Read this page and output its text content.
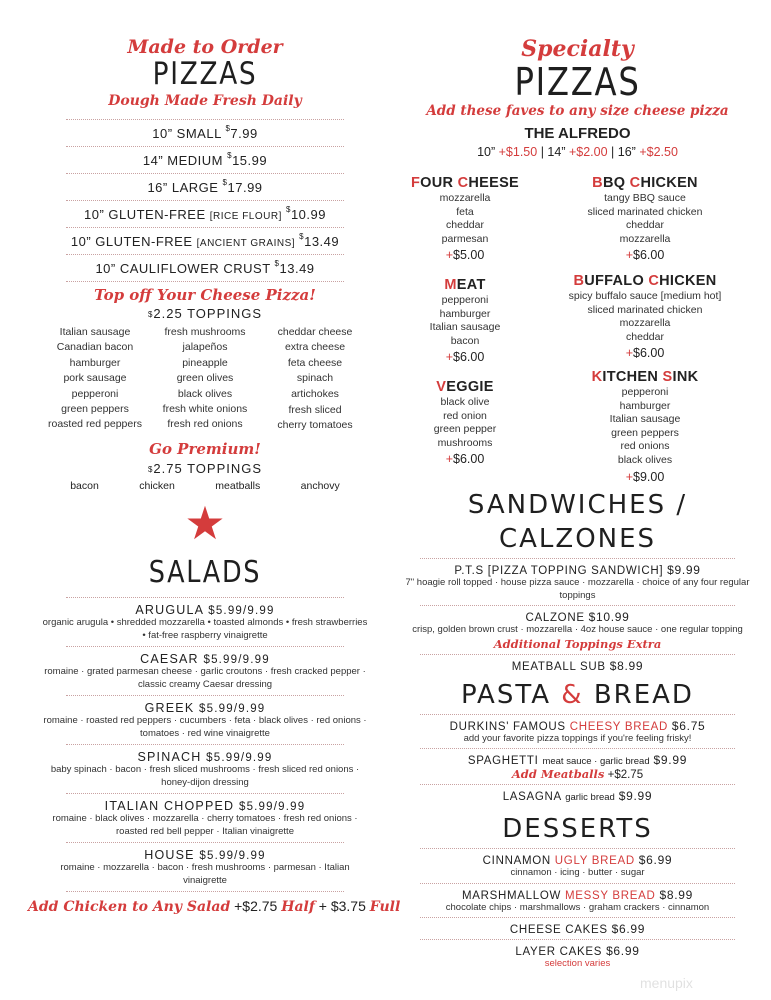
Made to Order
PIZZAS
Dough Made Fresh Daily
10” SMALL $7.99
14” MEDIUM $15.99
16” LARGE $17.99
10” GLUTEN-FREE [RICE FLOUR] $10.99
10” GLUTEN-FREE [ANCIENT GRAINS] $13.49
10” CAULIFLOWER CRUST $13.49
Top off Your Cheese Pizza!
$2.25 TOPPINGS
Italian sausage
Canadian bacon
hamburger
pork sausage
pepperoni
green peppers
roasted red peppers
fresh mushrooms
jalapeños
pineapple
green olives
black olives
fresh white onions
fresh red onions
cheddar cheese
extra cheese
feta cheese
spinach
artichokes
fresh sliced cherry tomatoes
Go Premium!
$2.75 TOPPINGS
bacon	chicken	meatballs	anchovy
★
SALADS
ARUGULA $5.99/9.99
organic arugula • shredded mozzarella • toasted almonds • fresh strawberries • fat-free raspberry vinaigrette
CAESAR $5.99/9.99
romaine · grated parmesan cheese · garlic croutons · fresh cracked pepper · classic creamy Caesar dressing
GREEK $5.99/9.99
romaine · roasted red peppers · cucumbers · feta · black olives · red onions · tomatoes · red wine vinaigrette
SPINACH $5.99/9.99
baby spinach · bacon · fresh sliced mushrooms · fresh sliced red onions · honey-dijon dressing
ITALIAN CHOPPED $5.99/9.99
romaine · black olives · mozzarella · cherry tomatoes · fresh red onions · roasted red bell pepper · Italian vinaigrette
HOUSE $5.99/9.99
romaine · mozzarella · bacon · fresh mushrooms · parmesan · Italian vinaigrette
Add Chicken to Any Salad +$2.75 Half + $3.75 Full
Specialty
PIZZAS
Add these faves to any size cheese pizza
THE ALFREDO
10” +$1.50 | 14” +$2.00 | 16” +$2.50
FOUR CHEESE
mozzarella
feta
cheddar
parmesan
+$5.00
MEAT
pepperoni
hamburger
Italian sausage
bacon
+$6.00
VEGGIE
black olive
red onion
green pepper
mushrooms
+$6.00
BBQ CHICKEN
tangy BBQ sauce
sliced marinated chicken
cheddar
mozzarella
+$6.00
BUFFALO CHICKEN
spicy buffalo sauce [medium hot]
sliced marinated chicken
mozzarella
cheddar
+$6.00
KITCHEN SINK
pepperoni
hamburger
Italian sausage
green peppers
red onions
black olives
+$9.00
SANDWICHES / CALZONES
P.T.S [PIZZA TOPPING SANDWICH] $9.99
7" hoagie roll topped · house pizza sauce · mozzarella · choice of any four regular toppings
CALZONE $10.99
crisp, golden brown crust · mozzarella · 4oz house sauce · one regular topping
Additional Toppings Extra
MEATBALL SUB $8.99
PASTA & BREAD
DURKINS' FAMOUS CHEESY BREAD $6.75
add your favorite pizza toppings if you're feeling frisky!
SPAGHETTI meat sauce · garlic bread $9.99
Add Meatballs +$2.75
LASAGNA garlic bread $9.99
DESSERTS
CINNAMON UGLY BREAD $6.99
cinnamon · icing · butter · sugar
MARSHMALLOW MESSY BREAD $8.99
chocolate chips · marshmallows · graham crackers · cinnamon
CHEESE CAKES $6.99
LAYER CAKES $6.99
selection varies
menupix
